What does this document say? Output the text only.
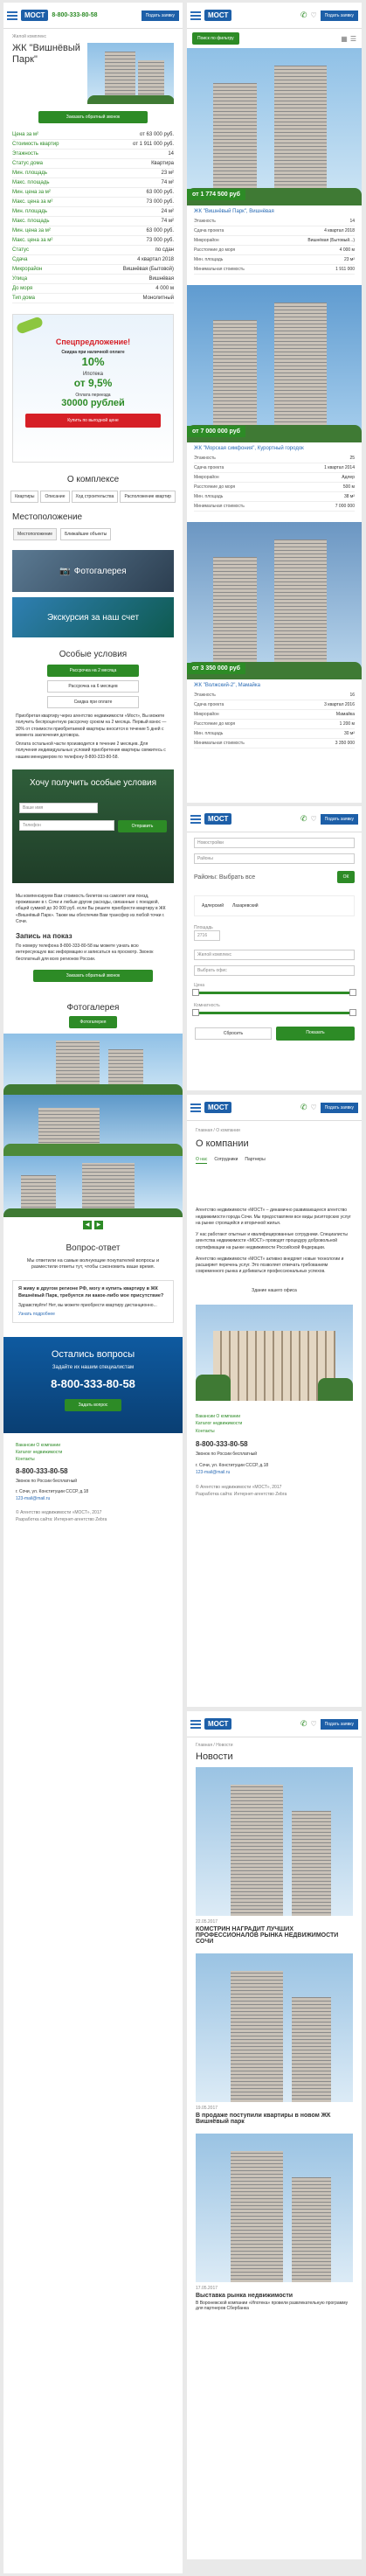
МОСТ	8-800-333-80-58	Подать заявку
Жилой комплекс
ЖК "Вишнёвый Парк"
Заказать обратный звонок
Цена за м²	от 63 000 руб.
Стоимость квартир	от 1 911 000 руб.
Этажность	14
Статус дома	Квартира
Мин. площадь	23 м²
Макс. площадь	74 м²
Мин. цена за м²	63 000 руб.
Макс. цена за м²	73 000 руб.
Мин. площадь	24 м²
Макс. площадь	74 м²
Мин. цена за м²	63 000 руб.
Макс. цена за м²	73 000 руб.
Статус	по сдан
Сдача	4 квартал 2018
Микрорайон	Вишнёвая (Бытовой)
Улица	Вишнёвая
До моря	4 000 м
Тип дома	Монолитный
Спецпредложение!
Скидка при наличной оплате
10%
Ипотека
от 9,5%
Оплата переезда
30000 рублей
Купить по выгодной цене
О комплексе
Квартиры Описание Ход строительства Расположение квартир
Местоположение
Местоположение	Ближайшие объекты
📷 Фотогалерея
Экскурсия за наш счет
Особые условия
Рассрочка на 2 месяца
Рассрочка на 6 месяцев
Скидка при оплате

Приобретая квартиру через агентство недвижимости «Мост», Вы можете получить беспроцентную рассрочку сроком на 2 месяца. Первый взнос — 30% от стоимости приобретаемой квартиры вносится в течение 5 дней с момента заключения договора.

Оплата остальной части производится в течение 2 месяцев. Для получения индивидуальных условий приобретения квартиры свяжитесь с нашим менеджером по телефону 8-800-333-80-58.

Хочу получить особые условия
Ваше имя
Телефон	Отправить
Мы компенсируем Вам стоимость билетов на самолет или поезд, проживание в г. Сочи и любые другие расходы, связанные с поездкой, общей суммой до 30 000 руб. если Вы решите приобрести квартиру в ЖК «Вишнёвый Парк». Также мы обеспечим Вам трансфер из любой точки г. Сочи.
Запись на показ
По номеру телефона 8-800-333-80-58 вы можете узнать всю интересующую вас информацию и записаться на просмотр. Звонок бесплатный для всех регионов России.
Заказать обратный звонок
Фотогалерея
Фотогалерея
◀	▶
Вопрос-ответ
Мы ответили на самые волнующие покупателей вопросы и разместили ответы тут, чтобы сэкономить ваше время.
Я живу в другом регионе РФ, могу я купить квартиру в ЖК Вишнёвый Парк, требуется ли какое-либо мое присутствие?
Здравствуйте! Нет, вы можете приобрести квартиру дистанционно...
Узнать подробнее
Остались вопросы
Задайте их нашим специалистам
8-800-333-80-58
Задать вопрос
Вакансии О компании
Каталог недвижимости
Контакты
8-800-333-80-58
Звонок по России бесплатный
г. Сочи, ул. Конституции СССР, д.18
123-mail@mail.ru
© Агентство недвижимости «МОСТ», 2017
Разработка сайта: Интернет-агентство Zebra
МОСТ	✆ ♡	Подать заявку
Поиск по фильтру	▦ ☰
от 1 774 500 руб
ЖК "Вишнёвый Парк", Вишнёвая
Этажность	14
Сдача проекта	4 квартал 2018
Микрорайон	Вишнёвая (Бытовый...)
Расстояние до моря	4 000 м
Мин. площадь	23 м²
Минимальная стоимость	1 911 000
от 7 000 000 руб
ЖК "Морская симфония", Курортный городок
Этажность	25
Сдача проекта	1 квартал 2014
Микрорайон	Адлер
Расстояние до моря	500 м
Мин. площадь	38 м²
Минимальная стоимость	7 000 000
от 3 350 000 руб
ЖК "Волжский-2", Мамайка
Этажность	16
Сдача проекта	3 квартал 2016
Микрорайон	Мамайка
Расстояние до моря	1 200 м
Мин. площадь	30 м²
Минимальная стоимость	3 350 000
МОСТ	✆ ♡	Подать заявку
Новостройки
Районы
Районы: Выбрать все	ОК
Адлерский Лазаревский
Площадь
2716
Жилой комплекс
Выбрать офис
Цена
Комнатность
Сбросить	Показать
МОСТ	✆ ♡	Подать заявку
Главная / О компании
О компании
О нас Сотрудники Партнеры

Агентство недвижимости «МОСТ» – динамично развивающееся агентство недвижимости города Сочи. Мы предоставляем все виды риэлторских услуг на рынке строящейся и вторичной жилья.

У нас работают опытные и квалифицированные сотрудники. Специалисты агентства недвижимости «МОСТ» проводят процедуру добровольной сертификации на рынке недвижимости Российской Федерации.

Агентство недвижимости «МОСТ» активно внедряет новые технологии и расширяет перечень услуг. Это позволяет отвечать требованиям современного рынка и добиваться профессиональных успехов.

Здание нашего офиса
Вакансии О компании
Каталог недвижимости
Контакты
8-800-333-80-58
Звонок по России бесплатный
г. Сочи, ул. Конституции СССР, д.18
123-mail@mail.ru
© Агентство недвижимости «МОСТ», 2017
Разработка сайта: Интернет-агентство Zebra
МОСТ	✆ ♡	Подать заявку
Главная / Новости
Новости
22.05.2017
КОМСТРИН НАГРАДИТ ЛУЧШИХ ПРОФЕССИОНАЛОВ РЫНКА НЕДВИЖИМОСТИ СОЧИ
19.05.2017
В продаже поступили квартиры в новом ЖК Вишнёвый парк
17.05.2017
Выставка рынка недвижимости
В Воронежской компании «Ипотека» провели развлекательную программу для партнеров Сбербанка
